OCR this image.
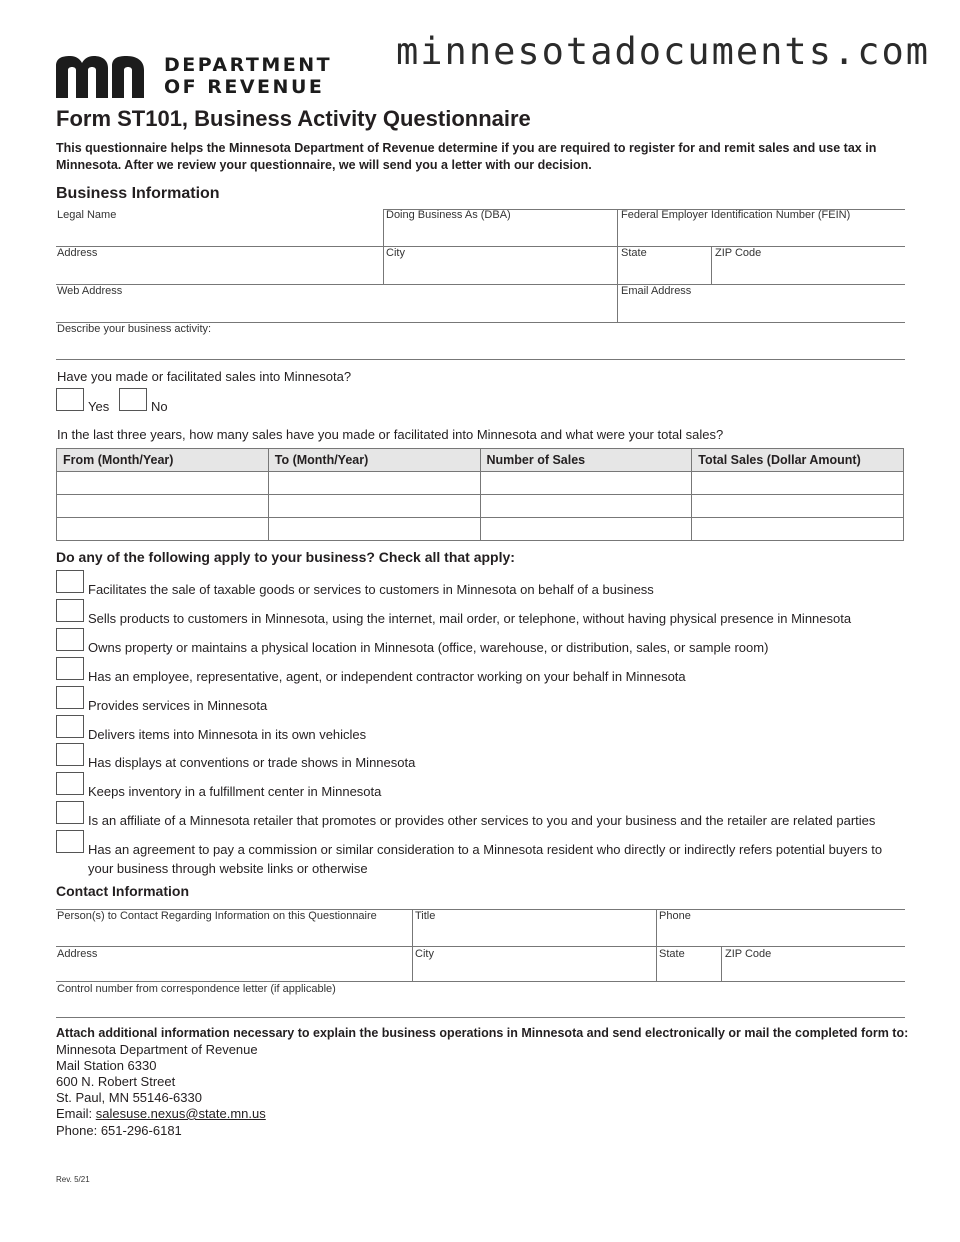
DEPARTMENT
OF REVENUE
minnesotadocuments.com
Form ST101, Business Activity Questionnaire
This questionnaire helps the Minnesota Department of Revenue determine if you are required to register for and remit sales and use tax in Minnesota. After we review your questionnaire, we will send you a letter with our decision.
Business Information
Legal Name	Doing Business As (DBA)	Federal Employer Identification Number (FEIN)
Address	City	State	ZIP Code
Web Address	Email Address
Describe your business activity:
Have you made or facilitated sales into Minnesota?
Yes	No
In the last three years, how many sales have you made or facilitated into Minnesota and what were your total sales?
From (Month/Year)	To (Month/Year)	Number of Sales	Total Sales (Dollar Amount)

Do any of the following apply to your business? Check all that apply:
Facilitates the sale of taxable goods or services to customers in Minnesota on behalf of a business
Sells products to customers in Minnesota, using the internet, mail order, or telephone, without having physical presence in Minnesota
Owns property or maintains a physical location in Minnesota (office, warehouse, or distribution, sales, or sample room)
Has an employee, representative, agent, or independent contractor working on your behalf in Minnesota
Provides services in Minnesota
Delivers items into Minnesota in its own vehicles
Has displays at conventions or trade shows in Minnesota
Keeps inventory in a fulfillment center in Minnesota
Is an affiliate of a Minnesota retailer that promotes or provides other services to you and your business and the retailer are related parties
Has an agreement to pay a commission or similar consideration to a Minnesota resident who directly or indirectly refers potential buyers to your business through website links or otherwise
Contact Information
Person(s) to Contact Regarding Information on this Questionnaire	Title	Phone
Address	City	State	ZIP Code
Control number from correspondence letter (if applicable)
Attach additional information necessary to explain the business operations in Minnesota and send electronically or mail the completed form to:
Minnesota Department of Revenue
Mail Station 6330
600 N. Robert Street
St. Paul, MN 55146-6330
Email: salesuse.nexus@state.mn.us
Phone: 651-296-6181
Rev. 5/21
